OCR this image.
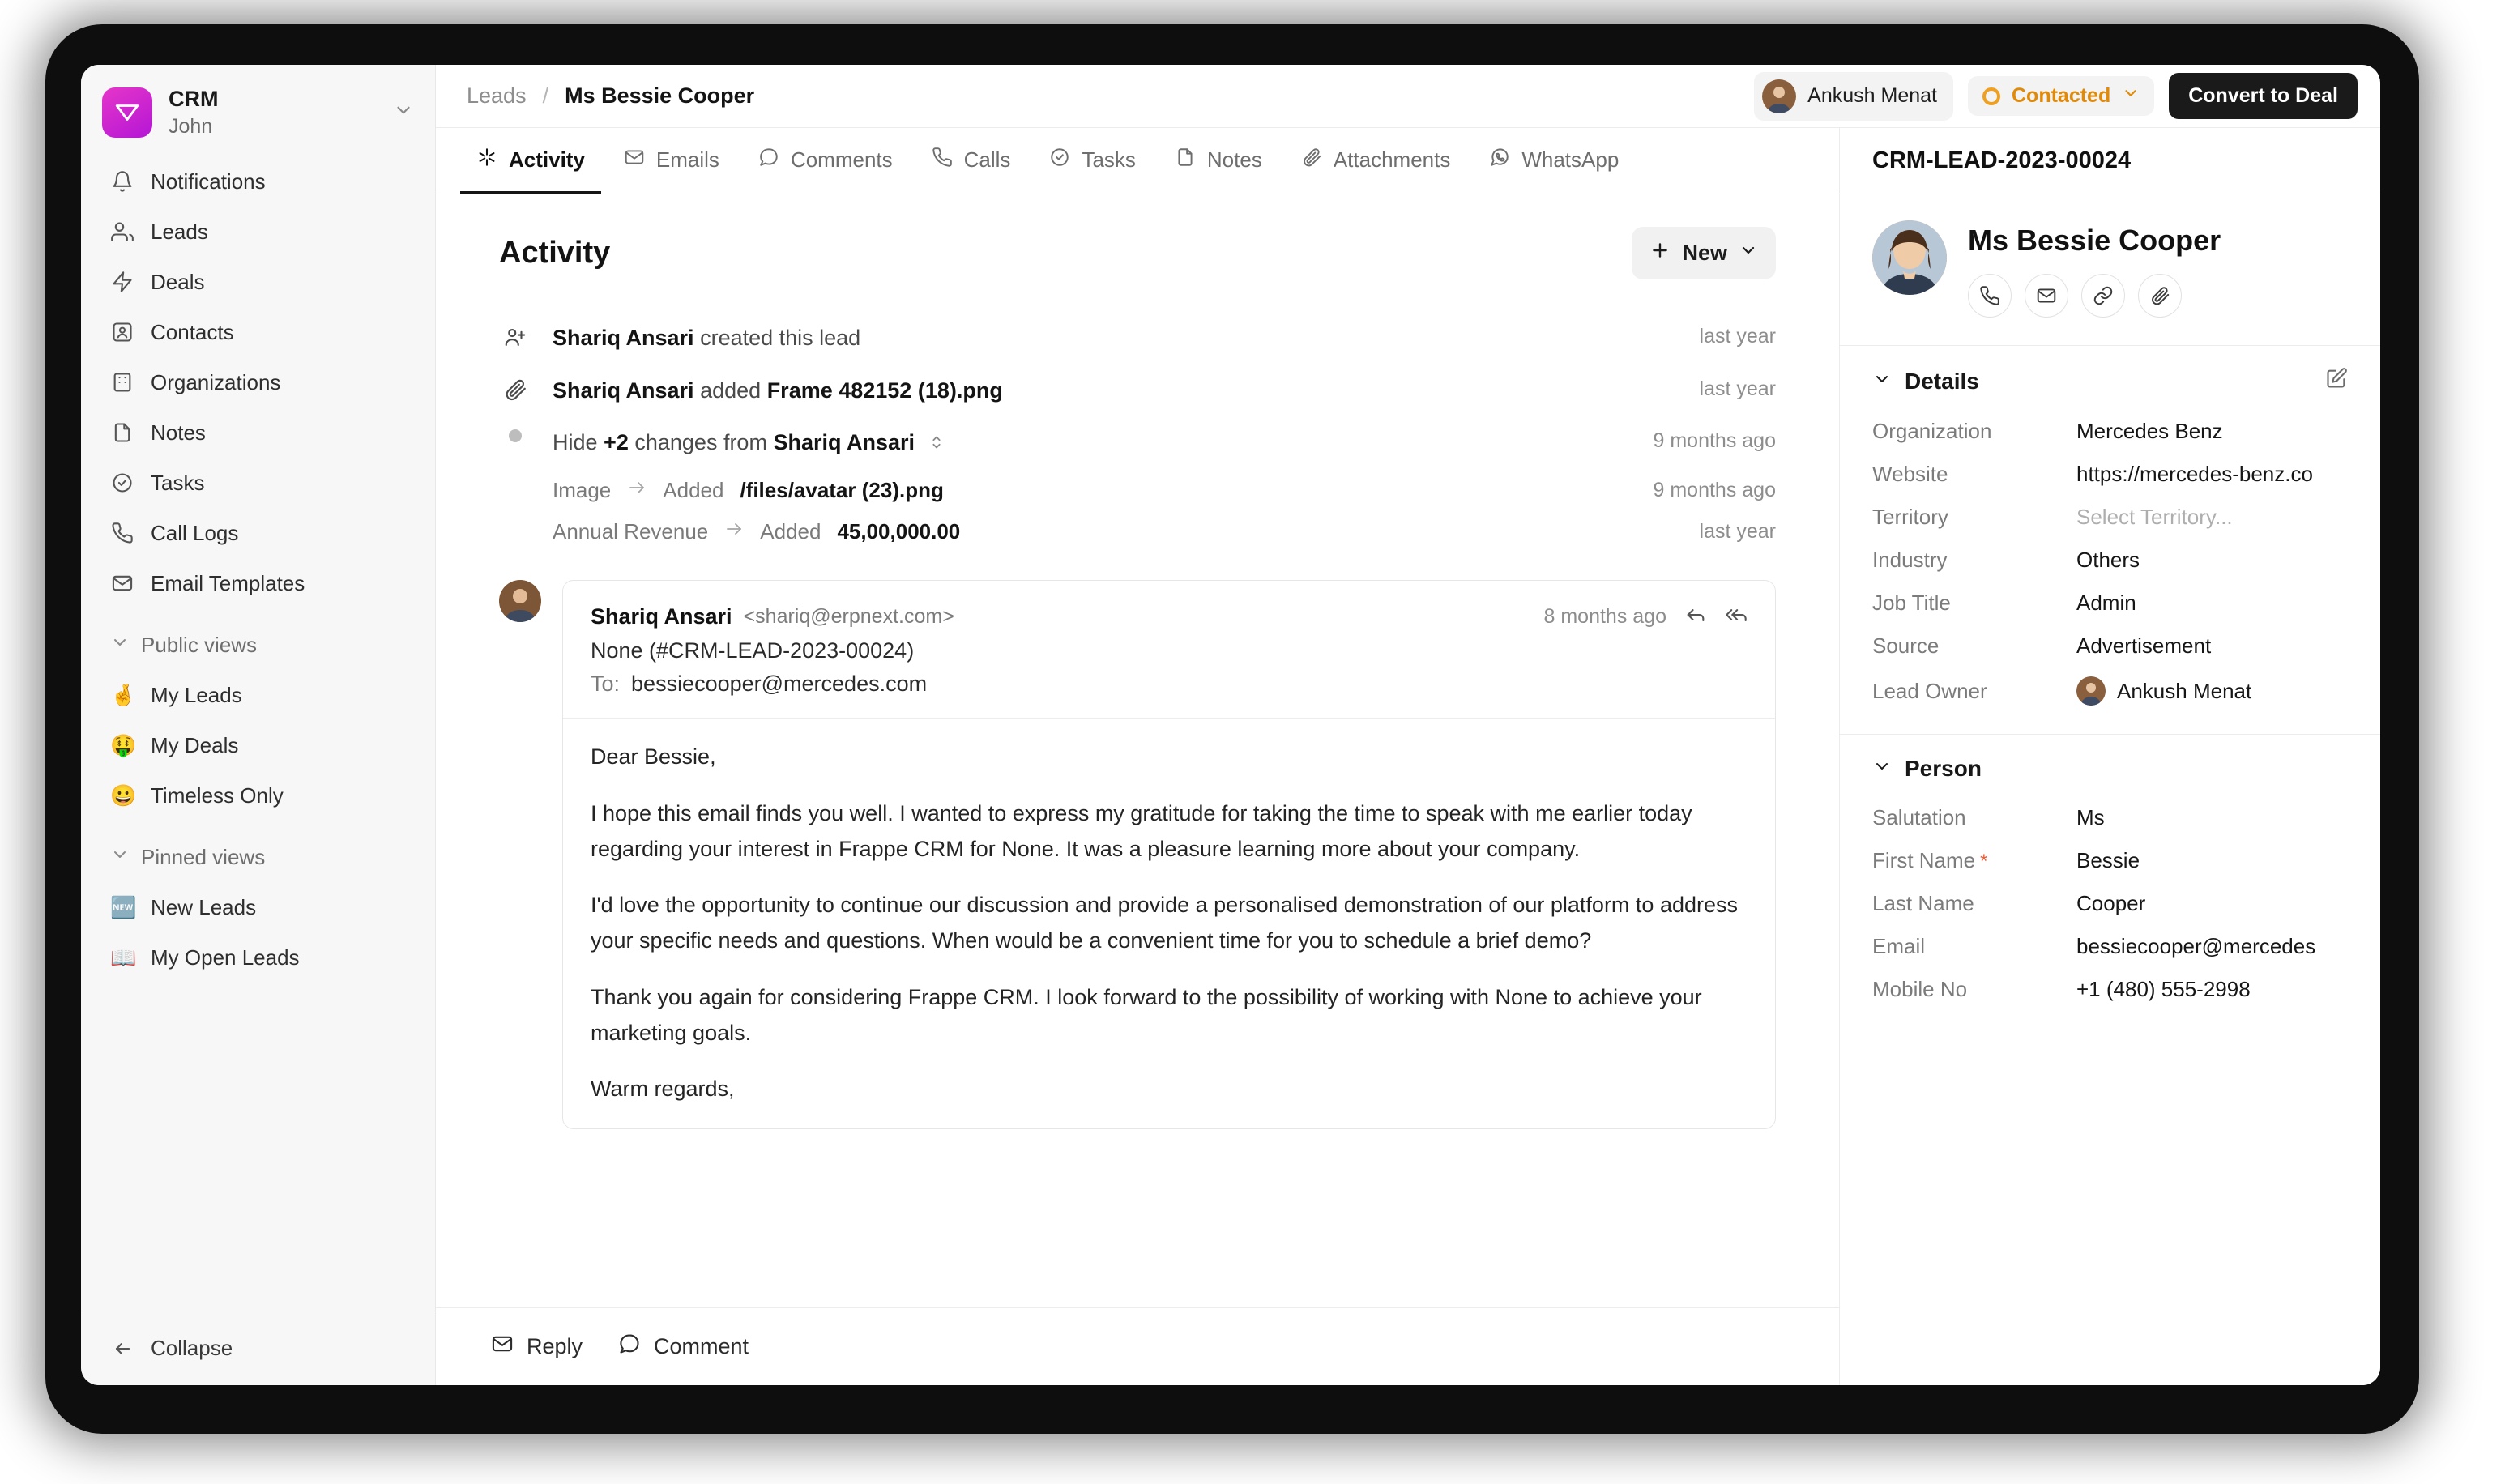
CRM
John
Notifications
Leads
Deals
Contacts
Organizations
Notes
Tasks
Call Logs
Email Templates
Public views
🤞 My Leads
🤑 My Deals
😀 Timeless Only
Pinned views
🆕 New Leads
📖 My Open Leads
Collapse
Leads / Ms Bessie Cooper	Ankush Menat	Contacted	Convert to Deal
Activity	Emails	Comments	Calls	Tasks	Notes	Attachments	WhatsApp
Activity	New
Shariq Ansari created this lead	last year
Shariq Ansari added Frame 482152 (18).png	last year
Hide +2 changes from Shariq Ansari	9 months ago
Image Added /files/avatar (23).png	9 months ago
Annual Revenue Added 45,00,000.00	last year
Shariq Ansari <shariq@erpnext.com>	8 months ago
None (#CRM-LEAD-2023-00024)
To: bessiecooper@mercedes.com

Dear Bessie,

I hope this email finds you well. I wanted to express my gratitude for taking the time to speak with me earlier today regarding your interest in Frappe CRM for None. It was a pleasure learning more about your company.

I'd love the opportunity to continue our discussion and provide a personalised demonstration of our platform to address your specific needs and questions. When would be a convenient time for you to schedule a brief demo?

Thank you again for considering Frappe CRM. I look forward to the possibility of working with None to achieve your marketing goals.

Warm regards,

Reply	Comment
CRM-LEAD-2023-00024
Ms Bessie Cooper
Details
Organization	Mercedes Benz
Website	https://mercedes-benz.co
Territory	Select Territory...
Industry	Others
Job Title	Admin
Source	Advertisement
Lead Owner	Ankush Menat
Person
Salutation	Ms
First Name *	Bessie
Last Name	Cooper
Email	bessiecooper@mercedes
Mobile No	+1 (480) 555-2998
